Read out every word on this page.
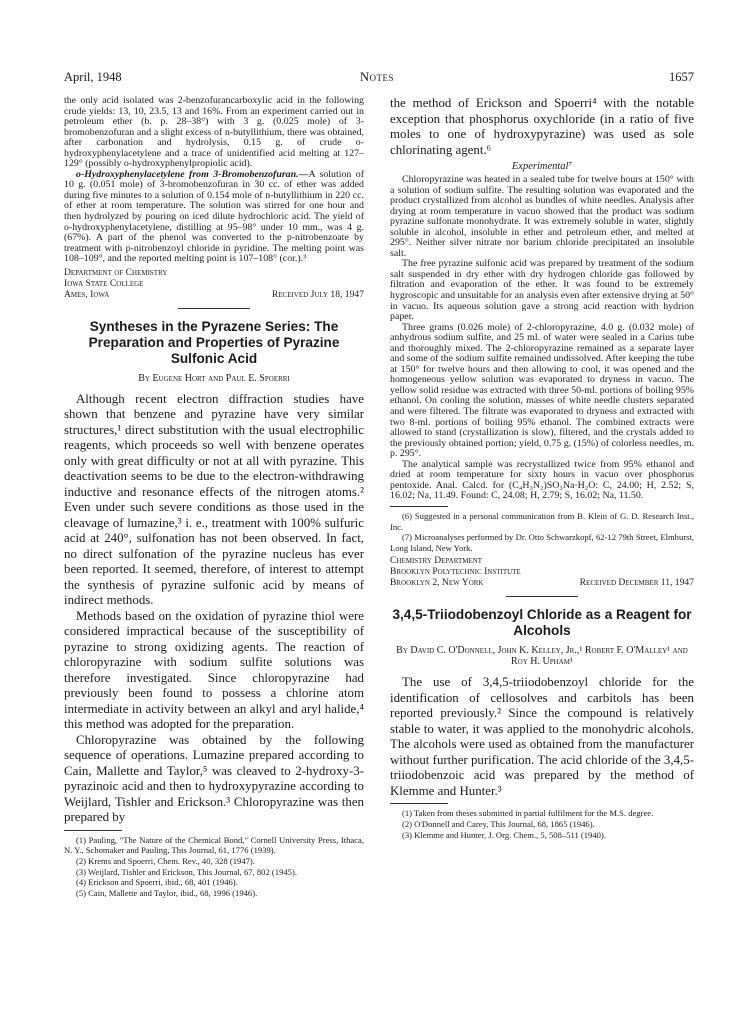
April, 1948	Notes	1657

the only acid isolated was 2-benzofurancarboxylic acid in the following crude yields: 13, 10, 23.5, 13 and 16%. From an experiment carried out in petroleum ether (b. p. 28–38°) with 3 g. (0.025 mole) of 3-bromobenzofuran and a slight excess of n-butyllithium, there was obtained, after carbonation and hydrolysis, 0.15 g. of crude o-hydroxyphenylacetylene and a trace of unidentified acid melting at 127–129° (possibly o-hydroxyphenylpropiolic acid).

o-Hydroxyphenylacetylene from 3-Bromobenzofuran.—A solution of 10 g. (0.051 mole) of 3-bromobenzofuran in 30 cc. of ether was added during five minutes to a solution of 0.154 mole of n-butyllithium in 220 cc. of ether at room temperature. The solution was stirred for one hour and then hydrolyzed by pouring on iced dilute hydrochloric acid. The yield of o-hydroxyphenylacetylene, distilling at 95–98° under 10 mm., was 4 g. (67%). A part of the phenol was converted to the p-nitrobenzoate by treatment with p-nitrobenzoyl chloride in pyridine. The melting point was 108–109°, and the reported melting point is 107–108° (cor.).³

Department of Chemistry
Iowa State College
Ames, Iowa	Received July 18, 1947
Syntheses in the Pyrazene Series: The Preparation and Properties of Pyrazine Sulfonic Acid
By Eugene Hort and Paul E. Spoerri

Although recent electron diffraction studies have shown that benzene and pyrazine have very similar structures,¹ direct substitution with the usual electrophilic reagents, which proceeds so well with benzene operates only with great difficulty or not at all with pyrazine. This deactivation seems to be due to the electron-withdrawing inductive and resonance effects of the nitrogen atoms.² Even under such severe conditions as those used in the cleavage of lumazine,³ i. e., treatment with 100% sulfuric acid at 240°, sulfonation has not been observed. In fact, no direct sulfonation of the pyrazine nucleus has ever been reported. It seemed, therefore, of interest to attempt the synthesis of pyrazine sulfonic acid by means of indirect methods.

Methods based on the oxidation of pyrazine thiol were considered impractical because of the susceptibility of pyrazine to strong oxidizing agents. The reaction of chloropyrazine with sodium sulfite solutions was therefore investigated. Since chloropyrazine had previously been found to possess a chlorine atom intermediate in activity between an alkyl and aryl halide,⁴ this method was adopted for the preparation.

Chloropyrazine was obtained by the following sequence of operations. Lumazine prepared according to Cain, Mallette and Taylor,⁵ was cleaved to 2-hydroxy-3-pyrazinoic acid and then to hydroxypyrazine according to Weijlard, Tishler and Erickson.³ Chloropyrazine was then prepared by

(1) Pauling, "The Nature of the Chemical Bond," Cornell University Press, Ithaca, N. Y., Schomaker and Pauling, This Journal, 61, 1776 (1939).

(2) Krems and Spoerri, Chem. Rev., 40, 328 (1947).

(3) Weijlard, Tishler and Erickson, This Journal, 67, 802 (1945).

(4) Erickson and Spoerri, ibid., 68, 401 (1946).

(5) Cain, Mallette and Taylor, ibid., 68, 1996 (1946).

the method of Erickson and Spoerri⁴ with the notable exception that phosphorus oxychloride (in a ratio of five moles to one of hydroxypyrazine) was used as sole chlorinating agent.⁶

Experimental⁷

Chloropyrazine was heated in a sealed tube for twelve hours at 150° with a solution of sodium sulfite. The resulting solution was evaporated and the product crystallized from alcohol as bundles of white needles. Analysis after drying at room temperature in vacuo showed that the product was sodium pyrazine sulfonate monohydrate. It was extremely soluble in water, slightly soluble in alcohol, insoluble in ether and petroleum ether, and melted at 295°. Neither silver nitrate nor barium chloride precipitated an insoluble salt.

The free pyrazine sulfonic acid was prepared by treatment of the sodium salt suspended in dry ether with dry hydrogen chloride gas followed by filtration and evaporation of the ether. It was found to be extremely hygroscopic and unsuitable for an analysis even after extensive drying at 50° in vacuo. Its aqueous solution gave a strong acid reaction with hydrion paper.

Three grams (0.026 mole) of 2-chloropyrazine, 4.0 g. (0.032 mole) of anhydrous sodium sulfite, and 25 ml. of water were sealed in a Carius tube and thoroughly mixed. The 2-chloropyrazine remained as a separate layer and some of the sodium sulfite remained undissolved. After keeping the tube at 150° for twelve hours and then allowing to cool, it was opened and the homogeneous yellow solution was evaporated to dryness in vacuo. The yellow solid residue was extracted with three 50-ml. portions of boiling 95% ethanol. On cooling the solution, masses of white needle clusters separated and were filtered. The filtrate was evaporated to dryness and extracted with two 8-ml. portions of boiling 95% ethanol. The combined extracts were allowed to stand (crystallization is slow), filtered, and the crystals added to the previously obtained portion; yield, 0.75 g. (15%) of colorless needles, m. p. 295°.

The analytical sample was recrystallized twice from 95% ethanol and dried at room temperature for sixty hours in vacuo over phosphorus pentoxide. Anal. Calcd. for (C₄H₃N₂)SO₃Na·H₂O: C, 24.00; H, 2.52; S, 16.02; Na, 11.49. Found: C, 24.08; H, 2.79; S, 16.02; Na, 11.50.

(6) Suggested in a personal communication from B. Klein of G. D. Research Inst., Inc.

(7) Microanalyses performed by Dr. Otto Schwarzkopf, 62-12 79th Street, Elmhurst, Long Island, New York.

Chemistry Department
Brooklyn Polytechnic Institute
Brooklyn 2, New York	Received December 11, 1947
3,4,5-Triiodobenzoyl Chloride as a Reagent for Alcohols
By David C. O'Donnell, John K. Kelley, Jr.,¹ Robert F. O'Malley¹ and Roy H. Upham¹

The use of 3,4,5-triiodobenzoyl chloride for the identification of cellosolves and carbitols has been reported previously.² Since the compound is relatively stable to water, it was applied to the monohydric alcohols. The alcohols were used as obtained from the manufacturer without further purification. The acid chloride of the 3,4,5-triiodobenzoic acid was prepared by the method of Klemme and Hunter.³

(1) Taken from theses submitted in partial fulfilment for the M.S. degree.

(2) O'Donnell and Carey, This Journal, 68, 1865 (1946).

(3) Klemme and Hunter, J. Org. Chem., 5, 508–511 (1940).
